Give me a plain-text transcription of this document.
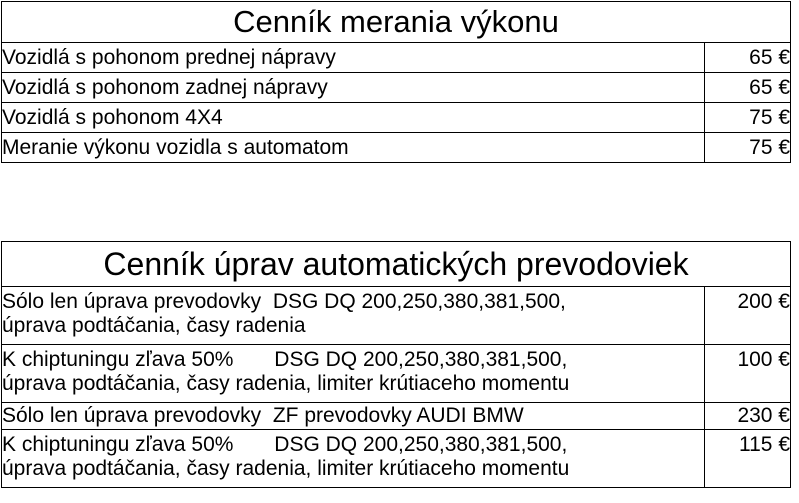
Cenník merania výkonu	
Vozidlá s pohonom prednej nápravy	65 €
Vozidlá s pohonom zadnej nápravy	65 €
Vozidlá s pohonom 4X4	75 €
Meranie výkonu vozidla s automatom	75 €
Cenník úprav automatických prevodoviek	

Sólo len úprava prevodovky  DSG DQ 200,250,380,381,500,
úprava podtáčania, časy radenia	200 €

K chiptuningu zľava 50%       DSG DQ 200,250,380,381,500,
úprava podtáčania, časy radenia, limiter krútiaceho momentu	100 €

Sólo len úprava prevodovky  ZF prevodovky AUDI BMW	230 €

K chiptuningu zľava 50%       DSG DQ 200,250,380,381,500,
úprava podtáčania, časy radenia, limiter krútiaceho momentu	115 €
